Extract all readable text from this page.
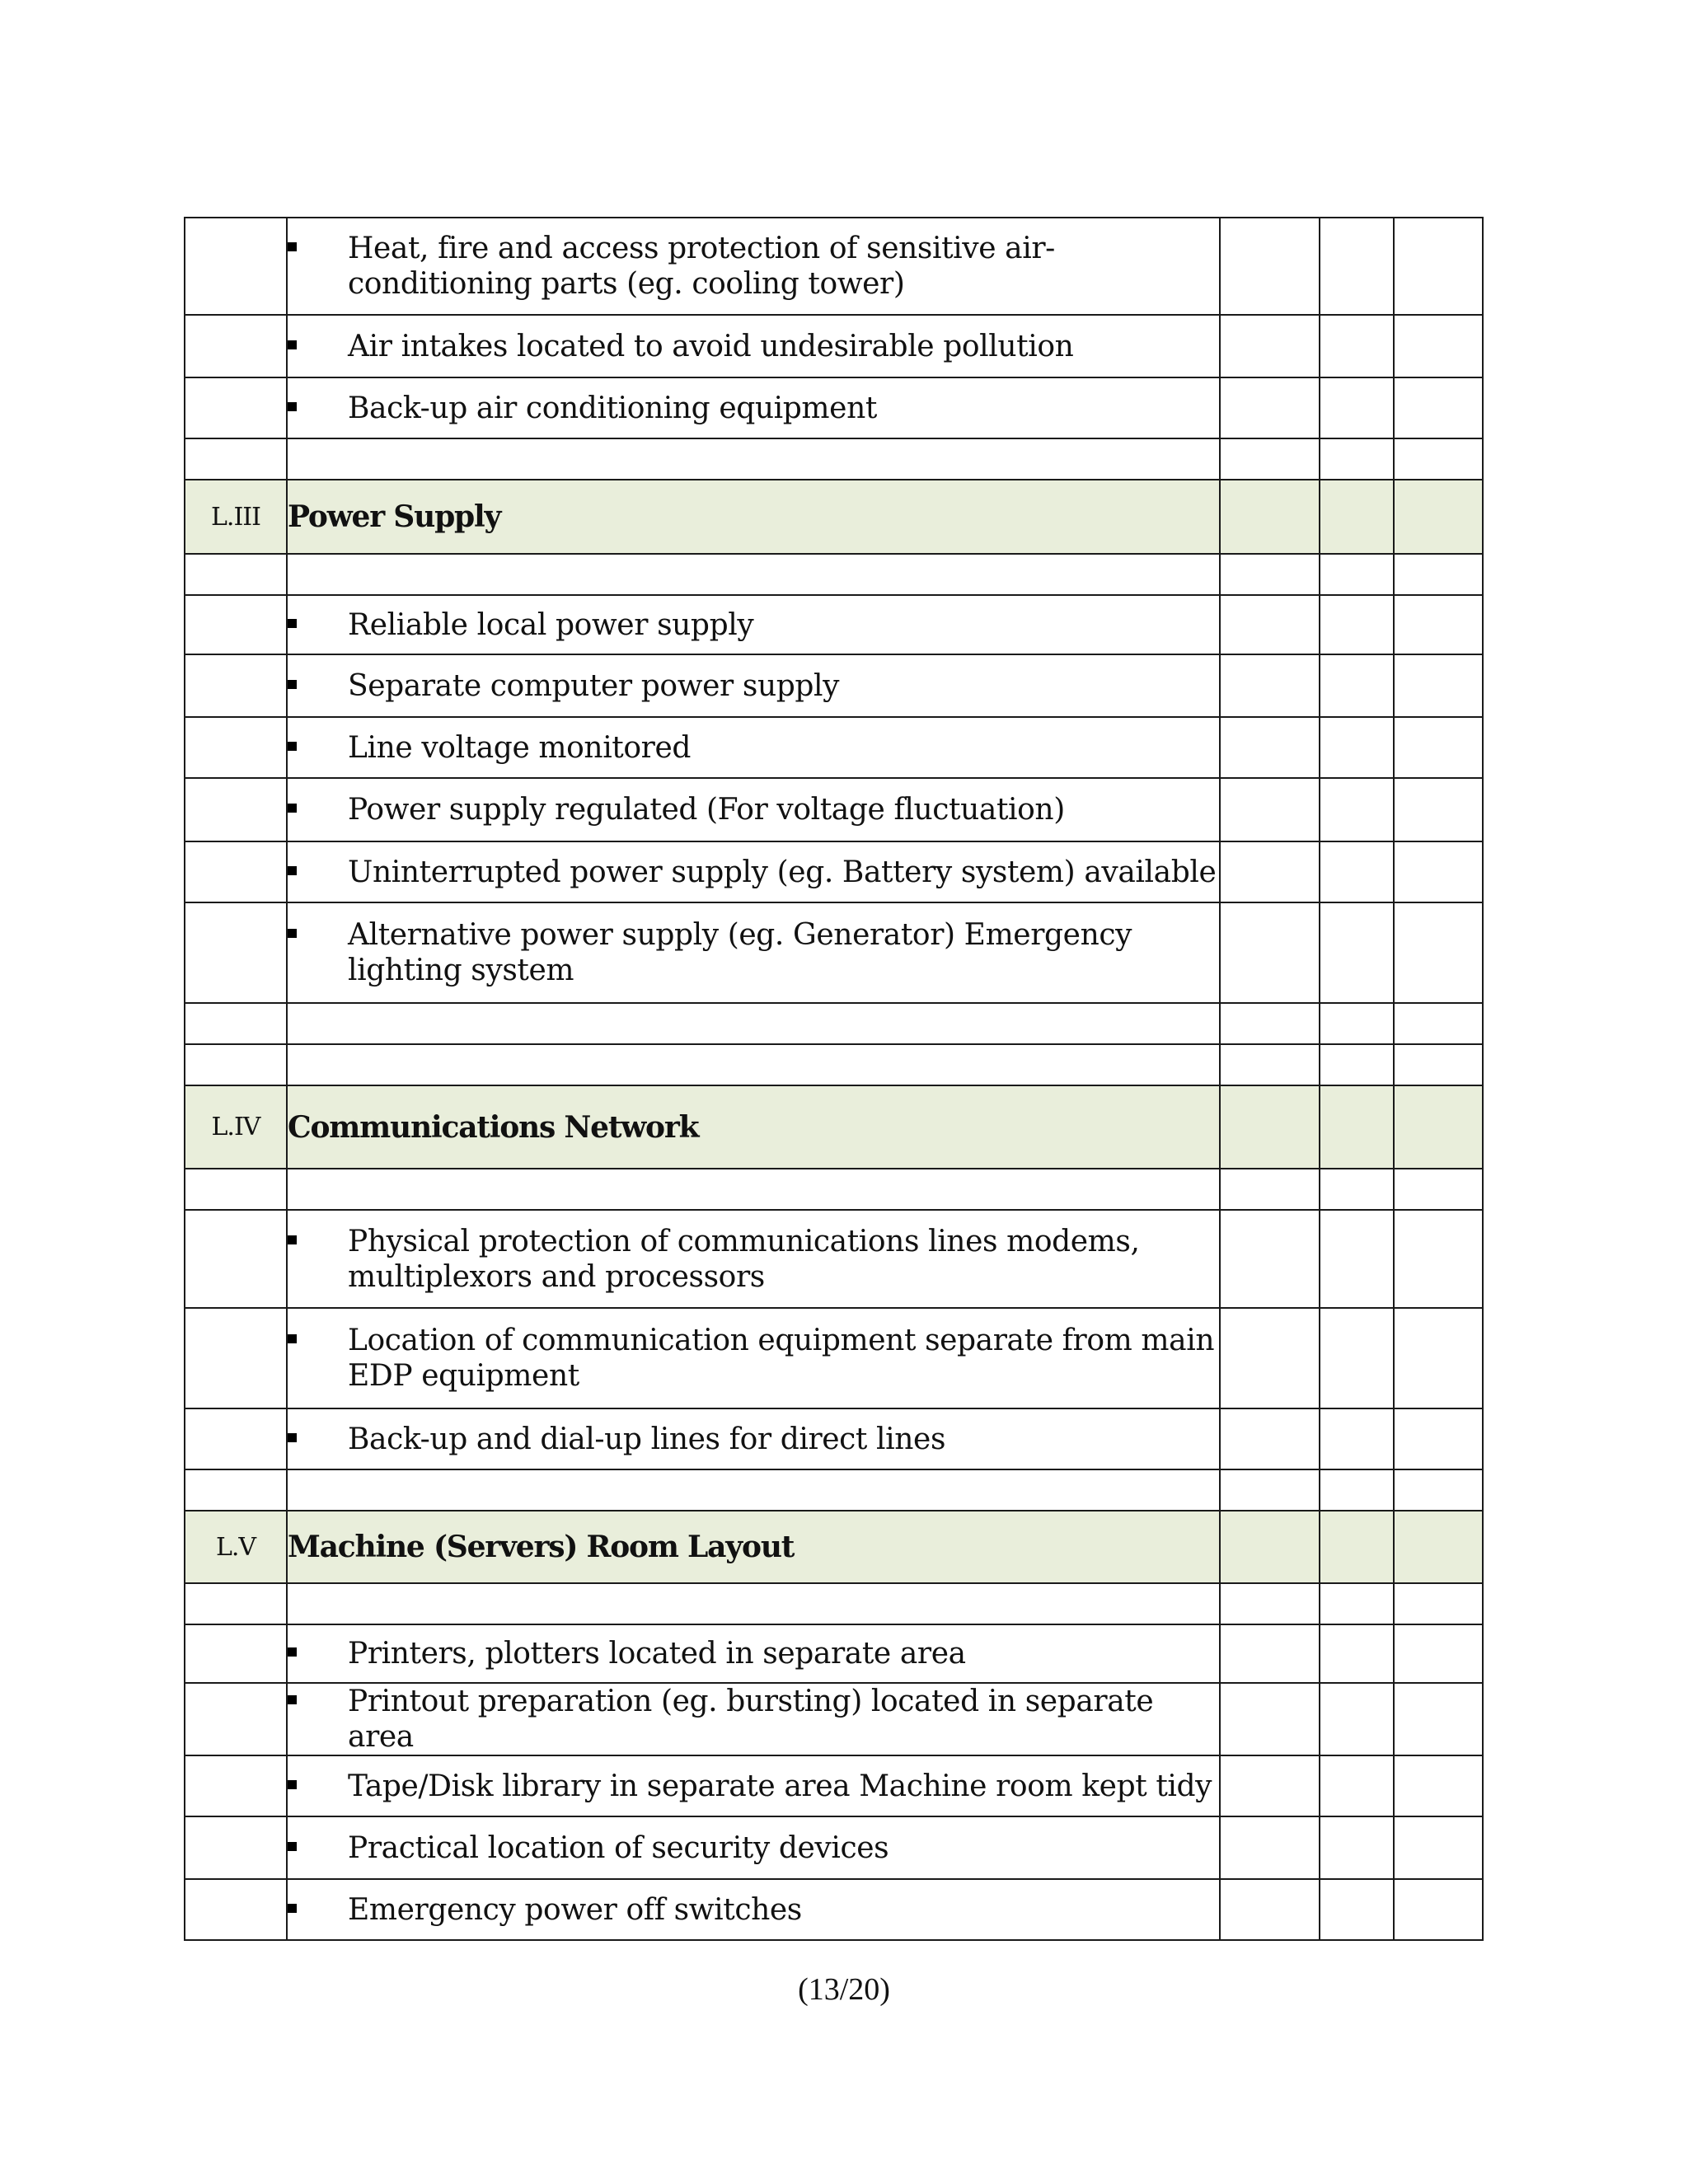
	Heat, fire and access protection of sensitive air-conditioning parts (eg. cooling tower)			

	Air intakes located to avoid undesirable pollution			

	Back-up air conditioning equipment			

L.III	Power Supply			

	Reliable local power supply			

	Separate computer power supply			

	Line voltage monitored			

	Power supply regulated (For voltage fluctuation)			

	Uninterrupted power supply (eg. Battery system) available			

	Alternative power supply (eg. Generator) Emergency lighting system			

L.IV	Communications Network			

	Physical protection of communications lines modems, multiplexors and processors			

	Location of communication equipment separate from main EDP equipment			

	Back-up and dial-up lines for direct lines			

L.V	Machine (Servers) Room Layout			

	Printers, plotters located in separate area			

	Printout preparation (eg. bursting) located in separate area			

	Tape/Disk library in separate area Machine room kept tidy			

	Practical location of security devices			

	Emergency power off switches			

(13/20)
